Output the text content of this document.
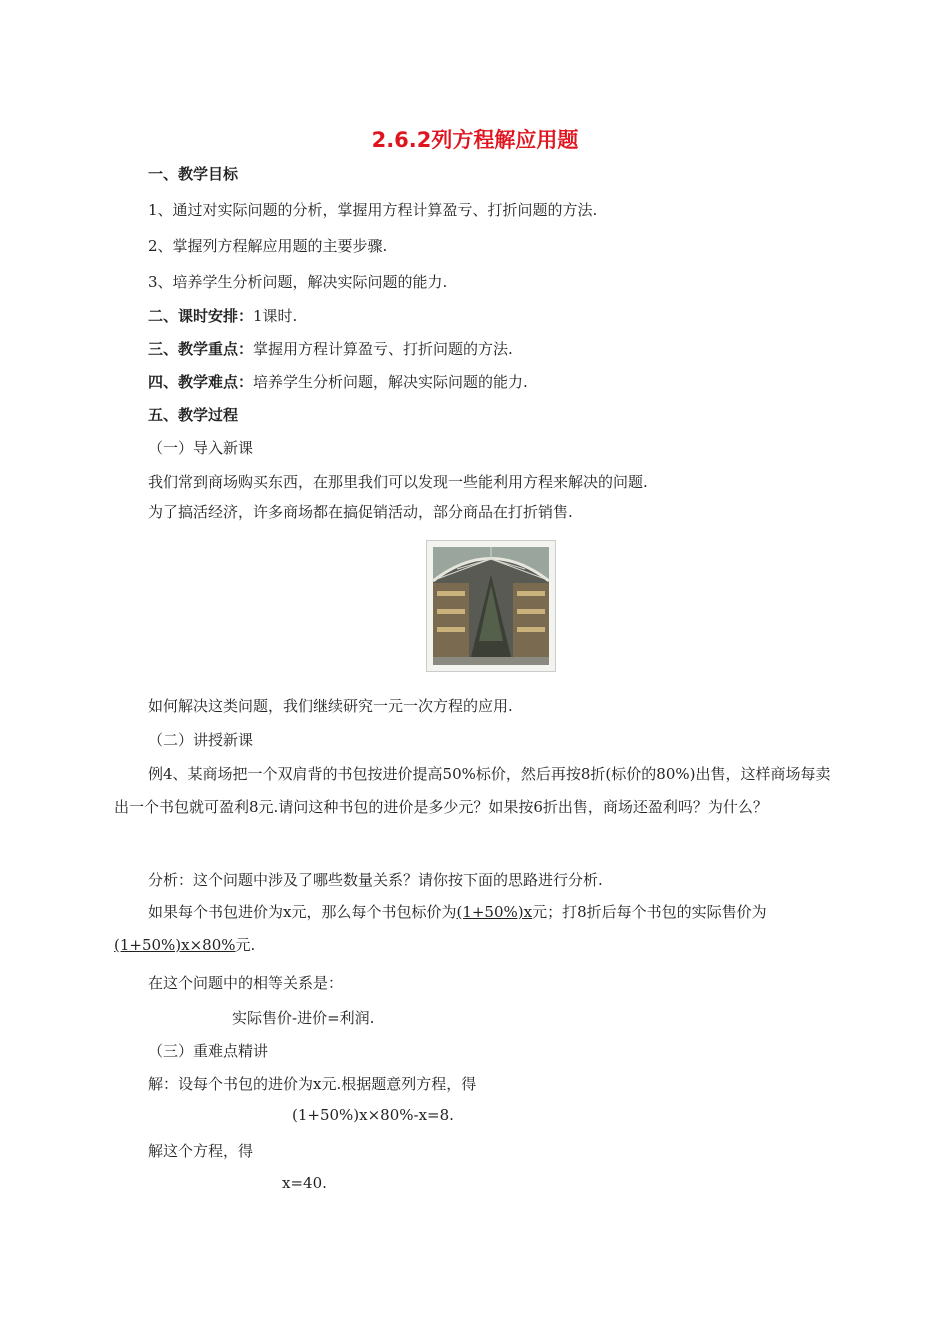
2.6.2列方程解应用题
一、教学目标
1、通过对实际问题的分析，掌握用方程计算盈亏、打折问题的方法.
2、掌握列方程解应用题的主要步骤.
3、培养学生分析问题，解决实际问题的能力.
二、课时安排：1课时.
三、教学重点：掌握用方程计算盈亏、打折问题的方法.
四、教学难点：培养学生分析问题，解决实际问题的能力.
五、教学过程
（一）导入新课
我们常到商场购买东西，在那里我们可以发现一些能利用方程来解决的问题.
为了搞活经济，许多商场都在搞促销活动，部分商品在打折销售.
如何解决这类问题，我们继续研究一元一次方程的应用.
（二）讲授新课
例4、某商场把一个双肩背的书包按进价提高50%标价，然后再按8折(标价的80%)出售，这样商场每卖出一个书包就可盈利8元.请问这种书包的进价是多少元？如果按6折出售，商场还盈利吗？为什么？
分析：这个问题中涉及了哪些数量关系？请你按下面的思路进行分析.
如果每个书包进价为x元，那么每个书包标价为(1+50%)x元；打8折后每个书包的实际售价为(1+50%)x×80%元.
在这个问题中的相等关系是：
实际售价-进价=利润.
（三）重难点精讲
解：设每个书包的进价为x元.根据题意列方程，得
(1+50%)x×80%-x=8.
解这个方程，得
x=40.
